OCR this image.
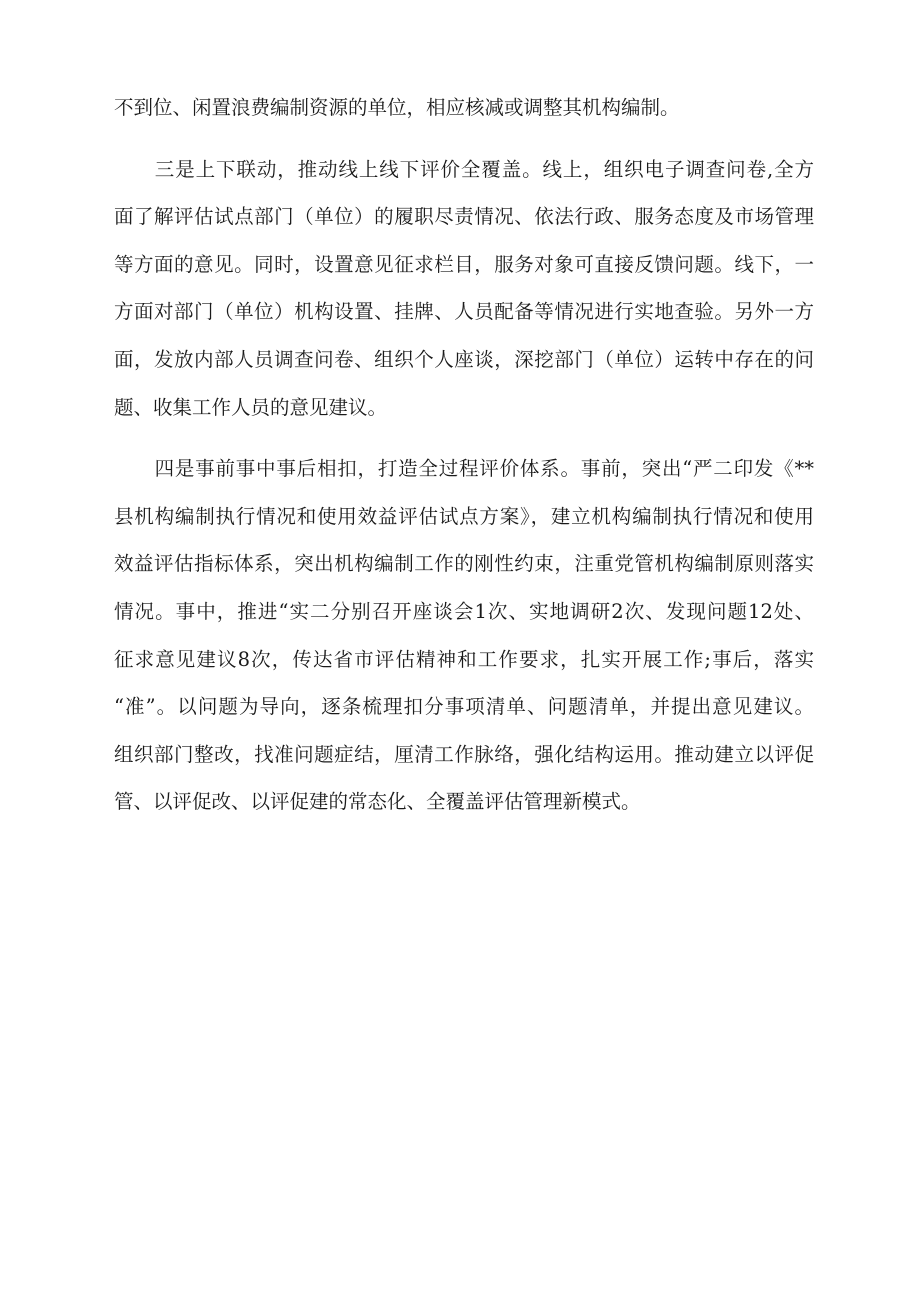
不到位、闲置浪费编制资源的单位，相应核减或调整其机构编制。
　　三是上下联动，推动线上线下评价全覆盖。线上，组织电子调查问卷,全方
面了解评估试点部门（单位）的履职尽责情况、依法行政、服务态度及市场管理
等方面的意见。同时，设置意见征求栏目，服务对象可直接反馈问题。线下，一
方面对部门（单位）机构设置、挂牌、人员配备等情况进行实地查验。另外一方
面，发放内部人员调查问卷、组织个人座谈，深挖部门（单位）运转中存在的问
题、收集工作人员的意见建议。
　　四是事前事中事后相扣，打造全过程评价体系。事前，突出“严二印发《**
县机构编制执行情况和使用效益评估试点方案》，建立机构编制执行情况和使用
效益评估指标体系，突出机构编制工作的刚性约束，注重党管机构编制原则落实
情况。事中，推进“实二分别召开座谈会1次、实地调研2次、发现问题12处、
征求意见建议8次，传达省市评估精神和工作要求，扎实开展工作;事后，落实
“准”。以问题为导向，逐条梳理扣分事项清单、问题清单，并提出意见建议。
组织部门整改，找准问题症结，厘清工作脉络，强化结构运用。推动建立以评促
管、以评促改、以评促建的常态化、全覆盖评估管理新模式。
